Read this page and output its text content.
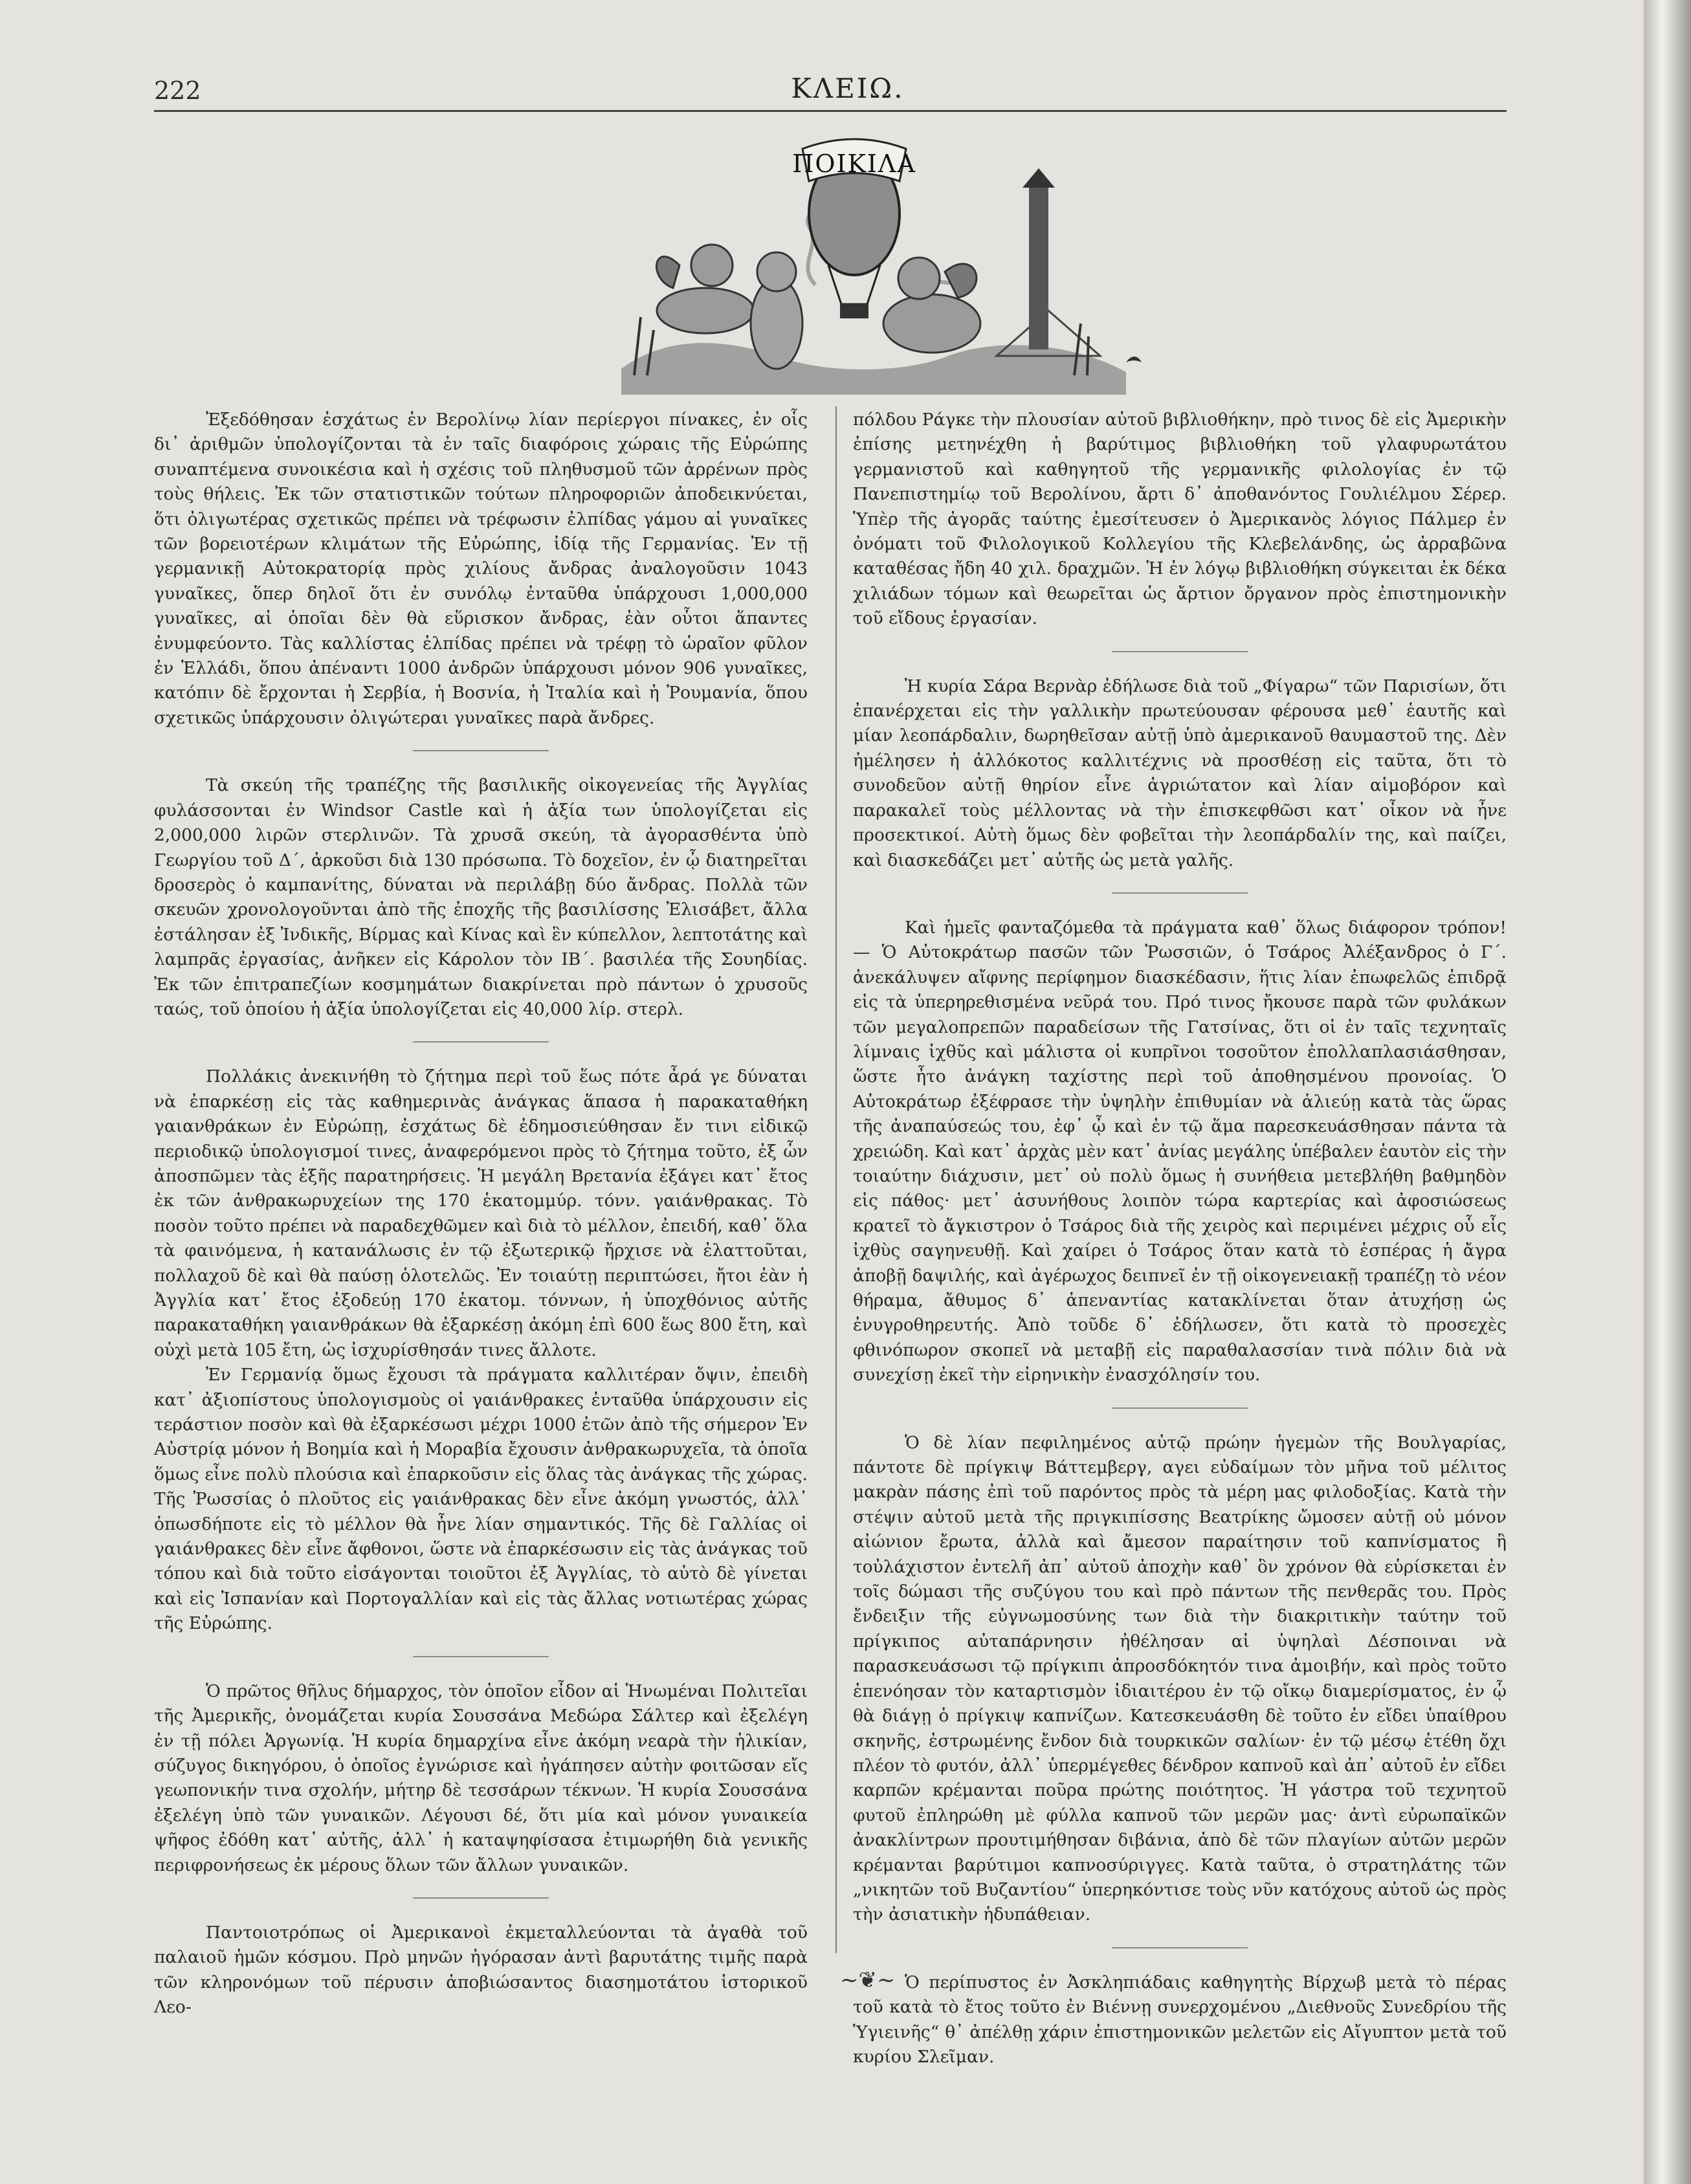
222	ΚΛΕΙΩ.
ΠΟΙΚΙΛΑ

Ἐξεδόθησαν ἐσχάτως ἐν Βερολίνῳ λίαν περίεργοι πίνακες, ἐν οἷς δι᾽ ἀριθμῶν ὑπολογίζονται τὰ ἐν ταῖς διαφόροις χώραις τῆς Εὐρώπης συναπτέμενα συνοικέσια καὶ ἡ σχέσις τοῦ πληθυσμοῦ τῶν ἀρρένων πρὸς τοὺς θήλεις. Ἐκ τῶν στατιστικῶν τούτων πληροφοριῶν ἀποδεικνύεται, ὅτι ὀλιγωτέρας σχετικῶς πρέπει νὰ τρέφωσιν ἐλπίδας γάμου αἱ γυναῖκες τῶν βορειοτέρων κλιμάτων τῆς Εὐρώπης, ἰδίᾳ τῆς Γερμανίας. Ἐν τῇ γερμανικῇ Αὐτοκρατορίᾳ πρὸς χιλίους ἄνδρας ἀναλογοῦσιν 1043 γυναῖκες, ὅπερ δηλοῖ ὅτι ἐν συνόλῳ ἐνταῦθα ὑπάρχουσι 1,000,000 γυναῖκες, αἱ ὁποῖαι δὲν θὰ εὕρισκον ἄνδρας, ἐὰν οὗτοι ἅπαντες ἐνυμφεύοντο. Τὰς καλλίστας ἐλπίδας πρέπει νὰ τρέφῃ τὸ ὡραῖον φῦλον ἐν Ἑλλάδι, ὅπου ἀπέναντι 1000 ἀνδρῶν ὑπάρχουσι μόνον 906 γυναῖκες, κατόπιν δὲ ἔρχονται ἡ Σερβία, ἡ Βοσνία, ἡ Ἰταλία καὶ ἡ Ῥουμανία, ὅπου σχετικῶς ὑπάρχουσιν ὀλιγώτεραι γυναῖκες παρὰ ἄνδρες.

Τὰ σκεύη τῆς τραπέζης τῆς βασιλικῆς οἰκογενείας τῆς Ἀγγλίας φυλάσσονται ἐν Windsor Castle καὶ ἡ ἀξία των ὑπολογίζεται εἰς 2,000,000 λιρῶν στερλινῶν. Τὰ χρυσᾶ σκεύη, τὰ ἀγορασθέντα ὑπὸ Γεωργίου τοῦ Δ΄, ἀρκοῦσι διὰ 130 πρόσωπα. Τὸ δοχεῖον, ἐν ᾧ διατηρεῖται δροσερὸς ὁ καμπανίτης, δύναται νὰ περιλάβῃ δύο ἄνδρας. Πολλὰ τῶν σκευῶν χρονολογοῦνται ἀπὸ τῆς ἐποχῆς τῆς βασιλίσσης Ἐλισάβετ, ἄλλα ἐστάλησαν ἐξ Ἰνδικῆς, Βίρμας καὶ Κίνας καὶ ἓν κύπελλον, λεπτοτάτης καὶ λαμπρᾶς ἐργασίας, ἀνῆκεν εἰς Κάρολον τὸν ΙΒ΄. βασιλέα τῆς Σουηδίας. Ἐκ τῶν ἐπιτραπεζίων κοσμημάτων διακρίνεται πρὸ πάντων ὁ χρυσοῦς ταώς, τοῦ ὁποίου ἡ ἀξία ὑπολογίζεται εἰς 40,000 λίρ. στερλ.

Πολλάκις ἀνεκινήθη τὸ ζήτημα περὶ τοῦ ἕως πότε ἆρά γε δύναται νὰ ἐπαρκέσῃ εἰς τὰς καθημερινὰς ἀνάγκας ἅπασα ἡ παρακαταθήκη γαιανθράκων ἐν Εὐρώπῃ, ἐσχάτως δὲ ἐδημοσιεύθησαν ἔν τινι εἰδικῷ περιοδικῷ ὑπολογισμοί τινες, ἀναφερόμενοι πρὸς τὸ ζήτημα τοῦτο, ἐξ ὧν ἀποσπῶμεν τὰς ἑξῆς παρατηρήσεις. Ἡ μεγάλη Βρετανία ἐξάγει κατ᾽ ἔτος ἐκ τῶν ἀνθρακωρυχείων της 170 ἑκατομμύρ. τόνν. γαιάνθρακας. Τὸ ποσὸν τοῦτο πρέπει νὰ παραδεχθῶμεν καὶ διὰ τὸ μέλλον, ἐπειδή, καθ᾽ ὅλα τὰ φαινόμενα, ἡ κατανάλωσις ἐν τῷ ἐξωτερικῷ ἤρχισε νὰ ἐλαττοῦται, πολλαχοῦ δὲ καὶ θὰ παύσῃ ὁλοτελῶς. Ἐν τοιαύτῃ περιπτώσει, ἤτοι ἐὰν ἡ Ἀγγλία κατ᾽ ἔτος ἐξοδεύῃ 170 ἑκατομ. τόννων, ἡ ὑποχθόνιος αὐτῆς παρακαταθήκη γαιανθράκων θὰ ἐξαρκέσῃ ἀκόμη ἐπὶ 600 ἕως 800 ἔτη, καὶ οὐχὶ μετὰ 105 ἔτη, ὡς ἰσχυρίσθησάν τινες ἄλλοτε.

Ἐν Γερμανίᾳ ὅμως ἔχουσι τὰ πράγματα καλλιτέραν ὄψιν, ἐπειδὴ κατ᾽ ἀξιοπίστους ὑπολογισμοὺς οἱ γαιάνθρακες ἐνταῦθα ὑπάρχουσιν εἰς τεράστιον ποσὸν καὶ θὰ ἐξαρκέσωσι μέχρι 1000 ἐτῶν ἀπὸ τῆς σήμερον Ἐν Αὐστρίᾳ μόνον ἡ Βοημία καὶ ἡ Μοραβία ἔχουσιν ἀνθρακωρυχεῖα, τὰ ὁποῖα ὅμως εἶνε πολὺ πλούσια καὶ ἐπαρκοῦσιν εἰς ὅλας τὰς ἀνάγκας τῆς χώρας. Τῆς Ῥωσσίας ὁ πλοῦτος εἰς γαιάνθρακας δὲν εἶνε ἀκόμη γνωστός, ἀλλ᾽ ὁπωσδήποτε εἰς τὸ μέλλον θὰ ἦνε λίαν σημαντικός. Τῆς δὲ Γαλλίας οἱ γαιάνθρακες δὲν εἶνε ἄφθονοι, ὥστε νὰ ἐπαρκέσωσιν εἰς τὰς ἀνάγκας τοῦ τόπου καὶ διὰ τοῦτο εἰσάγονται τοιοῦτοι ἐξ Ἀγγλίας, τὸ αὐτὸ δὲ γίνεται καὶ εἰς Ἰσπανίαν καὶ Πορτογαλλίαν καὶ εἰς τὰς ἄλλας νοτιωτέρας χώρας τῆς Εὐρώπης.

Ὁ πρῶτος θῆλυς δήμαρχος, τὸν ὁποῖον εἶδον αἱ Ἡνωμέναι Πολιτεῖαι τῆς Ἀμερικῆς, ὀνομάζεται κυρία Σουσσάνα Μεδώρα Σάλτερ καὶ ἐξελέγη ἐν τῇ πόλει Ἀργωνίᾳ. Ἡ κυρία δημαρχίνα εἶνε ἀκόμη νεαρὰ τὴν ἡλικίαν, σύζυγος δικηγόρου, ὁ ὁποῖος ἐγνώρισε καὶ ἠγάπησεν αὐτὴν φοιτῶσαν εἴς γεωπονικήν τινα σχολήν, μήτηρ δὲ τεσσάρων τέκνων. Ἡ κυρία Σουσσάνα ἐξελέγη ὑπὸ τῶν γυναικῶν. Λέγουσι δέ, ὅτι μία καὶ μόνον γυναικεία ψῆφος ἐδόθη κατ᾽ αὐτῆς, ἀλλ᾽ ἡ καταψηφίσασα ἐτιμωρήθη διὰ γενικῆς περιφρονήσεως ἐκ μέρους ὅλων τῶν ἄλλων γυναικῶν.

Παντοιοτρόπως οἱ Ἀμερικανοὶ ἐκμεταλλεύονται τὰ ἀγαθὰ τοῦ παλαιοῦ ἡμῶν κόσμου. Πρὸ μηνῶν ἠγόρασαν ἀντὶ βαρυτάτης τιμῆς παρὰ τῶν κληρονόμων τοῦ πέρυσιν ἀποβιώσαντος διασημοτάτου ἱστορικοῦ Λεο-

πόλδου Ράγκε τὴν πλουσίαν αὐτοῦ βιβλιοθήκην, πρὸ τινος δὲ εἰς Ἀμερικὴν ἐπίσης μετηνέχθη ἡ βαρύτιμος βιβλιοθήκη τοῦ γλαφυρωτάτου γερμανιστοῦ καὶ καθηγητοῦ τῆς γερμανικῆς φιλολογίας ἐν τῷ Πανεπιστημίῳ τοῦ Βερολίνου, ἄρτι δ᾽ ἀποθανόντος Γουλιέλμου Σέρερ. Ὑπὲρ τῆς ἀγορᾶς ταύτης ἐμεσίτευσεν ὁ Ἀμερικανὸς λόγιος Πάλμερ ἐν ὀνόματι τοῦ Φιλολογικοῦ Κολλεγίου τῆς Κλεβελάνδης, ὡς ἀρραβῶνα καταθέσας ἤδη 40 χιλ. δραχμῶν. Ἡ ἐν λόγῳ βιβλιοθήκη σύγκειται ἐκ δέκα χιλιάδων τόμων καὶ θεωρεῖται ὡς ἄρτιον ὄργανον πρὸς ἐπιστημονικὴν τοῦ εἴδους ἐργασίαν.

Ἡ κυρία Σάρα Βερνὰρ ἐδήλωσε διὰ τοῦ „Φίγαρω“ τῶν Παρισίων, ὅτι ἐπανέρχεται εἰς τὴν γαλλικὴν πρωτεύουσαν φέρουσα μεθ᾽ ἑαυτῆς καὶ μίαν λεοπάρδαλιν, δωρηθεῖσαν αὐτῇ ὑπὸ ἀμερικανοῦ θαυμαστοῦ της. Δὲν ἠμέλησεν ἡ ἀλλόκοτος καλλιτέχνις νὰ προσθέσῃ εἰς ταῦτα, ὅτι τὸ συνοδεῦον αὐτῇ θηρίον εἶνε ἀγριώτατον καὶ λίαν αἱμοβόρον καὶ παρακαλεῖ τοὺς μέλλοντας νὰ τὴν ἐπισκεφθῶσι κατ᾽ οἶκον νὰ ἦνε προσεκτικοί. Αὐτὴ ὅμως δὲν φοβεῖται τὴν λεοπάρδαλίν της, καὶ παίζει, καὶ διασκεδάζει μετ᾽ αὐτῆς ὡς μετὰ γαλῆς.

Καὶ ἡμεῖς φανταζόμεθα τὰ πράγματα καθ᾽ ὅλως διάφορον τρόπον! — Ὁ Αὐτοκράτωρ πασῶν τῶν Ῥωσσιῶν, ὁ Τσάρος Ἀλέξανδρος ὁ Γ΄. ἀνεκάλυψεν αἴφνης περίφημον διασκέδασιν, ἥτις λίαν ἐπωφελῶς ἐπιδρᾷ εἰς τὰ ὑπερηρεθισμένα νεῦρά του. Πρό τινος ἤκουσε παρὰ τῶν φυλάκων τῶν μεγαλοπρεπῶν παραδείσων τῆς Γατσίνας, ὅτι οἱ ἐν ταῖς τεχνηταῖς λίμναις ἰχθῦς καὶ μάλιστα οἱ κυπρῖνοι τοσοῦτον ἐπολλαπλασιάσθησαν, ὥστε ἦτο ἀνάγκη ταχίστης περὶ τοῦ ἀποθησμένου προνοίας. Ὁ Αὐτοκράτωρ ἐξέφρασε τὴν ὑψηλὴν ἐπιθυμίαν νὰ ἁλιεύῃ κατὰ τὰς ὥρας τῆς ἀναπαύσεώς του, ἐφ᾽ ᾧ καὶ ἐν τῷ ἅμα παρεσκευάσθησαν πάντα τὰ χρειώδη. Καὶ κατ᾽ ἀρχὰς μὲν κατ᾽ ἀνίας μεγάλης ὑπέβαλεν ἑαυτὸν εἰς τὴν τοιαύτην διάχυσιν, μετ᾽ οὐ πολὺ ὅμως ἡ συνήθεια μετεβλήθη βαθμηδὸν εἰς πάθος· μετ᾽ ἀσυνήθους λοιπὸν τώρα καρτερίας καὶ ἀφοσιώσεως κρατεῖ τὸ ἄγκιστρον ὁ Τσάρος διὰ τῆς χειρὸς καὶ περιμένει μέχρις οὗ εἷς ἰχθὺς σαγηνευθῇ. Καὶ χαίρει ὁ Τσάρος ὅταν κατὰ τὸ ἑσπέρας ἡ ἄγρα ἀποβῇ δαψιλής, καὶ ἀγέρωχος δειπνεῖ ἐν τῇ οἰκογενειακῇ τραπέζῃ τὸ νέον θήραμα, ἄθυμος δ᾽ ἀπεναντίας κατακλίνεται ὅταν ἀτυχήσῃ ὡς ἐνυγροθηρευτής. Ἀπὸ τοῦδε δ᾽ ἐδήλωσεν, ὅτι κατὰ τὸ προσεχὲς φθινόπωρον σκοπεῖ νὰ μεταβῇ εἰς παραθαλασσίαν τινὰ πόλιν διὰ νὰ συνεχίσῃ ἐκεῖ τὴν εἰρηνικὴν ἐνασχόλησίν του.

Ὁ δὲ λίαν πεφιλημένος αὐτῷ πρώην ἡγεμὼν τῆς Βουλγαρίας, πάντοτε δὲ πρίγκιψ Βάττεμβεργ, αγει εὐδαίμων τὸν μῆνα τοῦ μέλιτος μακρὰν πάσης ἐπὶ τοῦ παρόντος πρὸς τὰ μέρη μας φιλοδοξίας. Κατὰ τὴν στέψιν αὐτοῦ μετὰ τῆς πριγκιπίσσης Βεατρίκης ὤμοσεν αὐτῇ οὐ μόνον αἰώνιον ἔρωτα, ἀλλὰ καὶ ἄμεσον παραίτησιν τοῦ καπνίσματος ἢ τοὐλάχιστον ἐντελῆ ἀπ᾽ αὐτοῦ ἀποχὴν καθ᾽ ὃν χρόνον θὰ εὑρίσκεται ἐν τοῖς δώμασι τῆς συζύγου του καὶ πρὸ πάντων τῆς πενθερᾶς του. Πρὸς ἔνδειξιν τῆς εὐγνωμοσύνης των διὰ τὴν διακριτικὴν ταύτην τοῦ πρίγκιπος αὐταπάρνησιν ἠθέλησαν αἱ ὑψηλαὶ Δέσποιναι νὰ παρασκευάσωσι τῷ πρίγκιπι ἀπροσδόκητόν τινα ἀμοιβήν, καὶ πρὸς τοῦτο ἐπενόησαν τὸν καταρτισμὸν ἰδιαιτέρου ἐν τῷ οἴκῳ διαμερίσματος, ἐν ᾧ θὰ διάγῃ ὁ πρίγκιψ καπνίζων. Κατεσκευάσθη δὲ τοῦτο ἐν εἴδει ὑπαίθρου σκηνῆς, ἐστρωμένης ἔνδον διὰ τουρκικῶν σαλίων· ἐν τῷ μέσῳ ἐτέθη ὄχι πλέον τὸ φυτόν, ἀλλ᾽ ὑπερμέγεθες δένδρον καπνοῦ καὶ ἀπ᾽ αὐτοῦ ἐν εἴδει καρπῶν κρέμανται ποῦρα πρώτης ποιότητος. Ἡ γάστρα τοῦ τεχνητοῦ φυτοῦ ἐπληρώθη μὲ φύλλα καπνοῦ τῶν μερῶν μας· ἀντὶ εὐρωπαϊκῶν ἀνακλίντρων προυτιμήθησαν διβάνια, ἀπὸ δὲ τῶν πλαγίων αὐτῶν μερῶν κρέμανται βαρύτιμοι καπνοσύριγγες. Κατὰ ταῦτα, ὁ στρατηλάτης τῶν „νικητῶν τοῦ Βυζαντίου“ ὑπερηκόντισε τοὺς νῦν κατόχους αὐτοῦ ὡς πρὸς τὴν ἀσιατικὴν ἡδυπάθειαν.

Ὁ περίπυστος ἐν Ἀσκληπιάδαις καθηγητὴς Βίρχωβ μετὰ τὸ πέρας τοῦ κατὰ τὸ ἔτος τοῦτο ἐν Βιέννῃ συνερχομένου „Διεθνοῦς Συνεδρίου τῆς Ὑγιεινῆς“ θ᾽ ἀπέλθῃ χάριν ἐπιστημονικῶν μελετῶν εἰς Αἴγυπτον μετὰ τοῦ κυρίου Σλεῖμαν.

~❦~
